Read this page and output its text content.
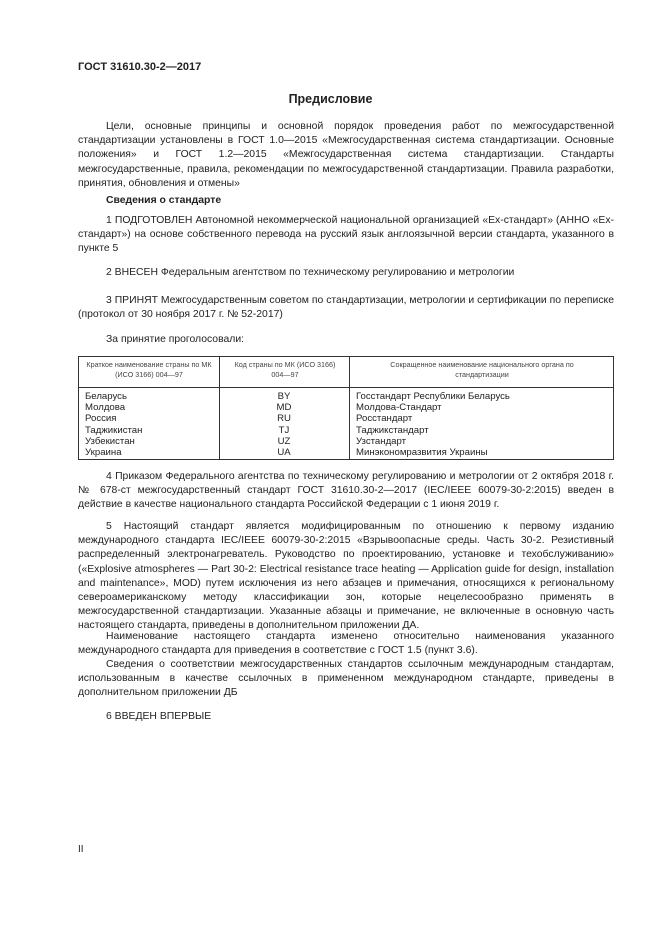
ГОСТ 31610.30-2—2017
Предисловие

Цели, основные принципы и основной порядок проведения работ по межгосударственной стандартизации установлены в ГОСТ 1.0—2015 «Межгосударственная система стандартизации. Основные положения» и ГОСТ 1.2—2015 «Межгосударственная система стандартизации. Стандарты межгосударственные, правила, рекомендации по межгосударственной стандартизации. Правила разработки, принятия, обновления и отмены»

Сведения о стандарте

1 ПОДГОТОВЛЕН Автономной некоммерческой национальной организацией «Ех-стандарт» (АННО «Ех-стандарт») на основе собственного перевода на русский язык англоязычной версии стандарта, указанного в пункте 5

2 ВНЕСЕН Федеральным агентством по техническому регулированию и метрологии

3 ПРИНЯТ Межгосударственным советом по стандартизации, метрологии и сертификации по переписке (протокол от 30 ноября 2017 г. № 52-2017)

За принятие проголосовали:

Краткое наименование страны по МК (ИСО 3166) 004—97
Код страны по МК (ИСО 3166) 004—97
Сокращенное наименование национального органа по стандартизации
Беларусь
Молдова
Россия
Таджикистан
Узбекистан
Украина
BY
MD
RU
TJ
UZ
UA
Госстандарт Республики Беларусь
Молдова-Стандарт
Росстандарт
Таджикстандарт
Узстандарт
Минэкономразвития Украины

4 Приказом Федерального агентства по техническому регулированию и метрологии от 2 октября 2018 г. № 678-ст межгосударственный стандарт ГОСТ 31610.30-2—2017 (IEC/IEEE 60079-30-2:2015) введен в действие в качестве национального стандарта Российской Федерации с 1 июня 2019 г.

5 Настоящий стандарт является модифицированным по отношению к первому изданию международного стандарта IEC/IEEE 60079-30-2:2015 «Взрывоопасные среды. Часть 30-2. Резистивный распределенный электронагреватель. Руководство по проектированию, установке и техобслуживанию» («Explosive atmospheres — Part 30-2: Electrical resistance trace heating — Application guide for design, installation and maintenance», MOD) путем исключения из него абзацев и примечания, относящихся к региональному североамериканскому методу классификации зон, которые нецелесообразно применять в межгосударственной стандартизации. Указанные абзацы и примечание, не включенные в основную часть настоящего стандарта, приведены в дополнительном приложении ДА.

Наименование настоящего стандарта изменено относительно наименования указанного международного стандарта для приведения в соответствие с ГОСТ 1.5 (пункт 3.6).

Сведения о соответствии межгосударственных стандартов ссылочным международным стандартам, использованным в качестве ссылочных в примененном международном стандарте, приведены в дополнительном приложении ДБ

6 ВВЕДЕН ВПЕРВЫЕ

II
